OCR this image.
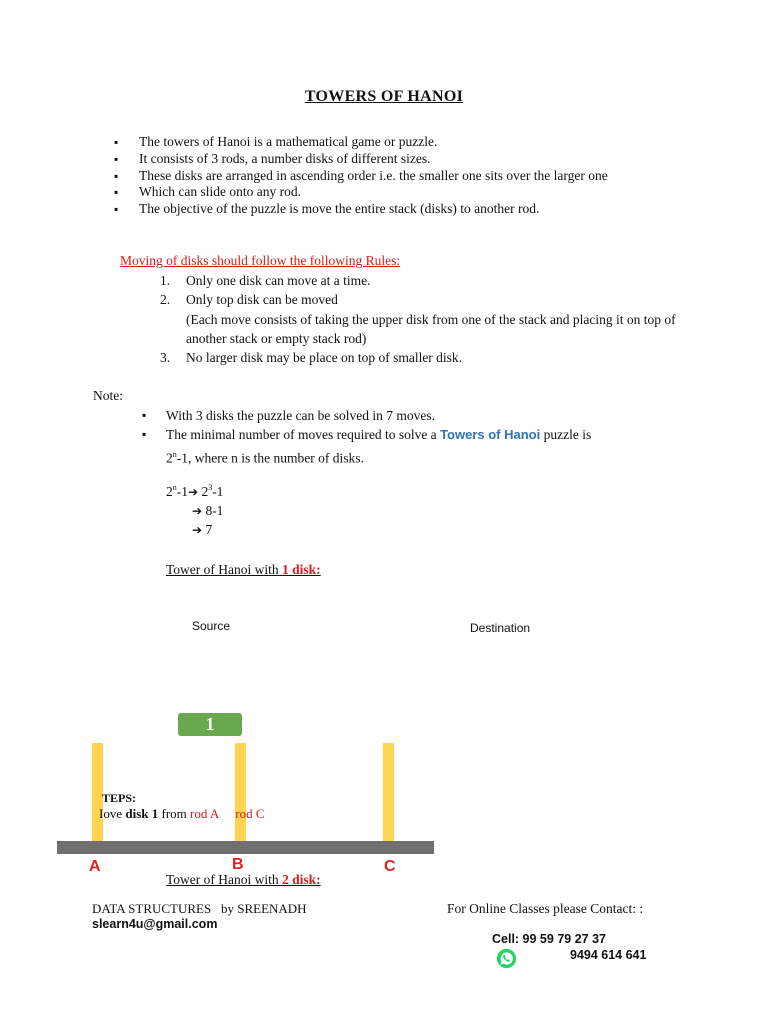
TOWERS OF HANOI
▪ The towers of Hanoi is a mathematical game or puzzle.
▪ It consists of 3 rods, a number disks of different sizes.
▪ These disks are arranged in ascending order i.e. the smaller one sits over the larger one
▪ Which can slide onto any rod.
▪ The objective of the puzzle is move the entire stack (disks) to another rod.
Moving of disks should follow the following Rules:
1. Only one disk can move at a time.
2. Only top disk can be moved
(Each move consists of taking the upper disk from one of the stack and placing it on top of another stack or empty stack rod)
3. No larger disk may be place on top of smaller disk.
Note:
▪ With 3 disks the puzzle can be solved in 7 moves.
▪ The minimal number of moves required to solve a Towers of Hanoi puzzle is
2$^n$-1, where n is the number of disks.
2$^n$-1➔ $2^3-1$
➔ 8-1
➔ 7
Tower of Hanoi with 1 disk:
Source	Destination
1
TEPS:
Iove disk 1 from rod A rod C
A	B	C
Tower of Hanoi with 2 disk:
DATA STRUCTURES   by SREENADH
slearn4u@gmail.com
For Online Classes please Contact: :
Cell: 99 59 79 27 37
9494 614 641
